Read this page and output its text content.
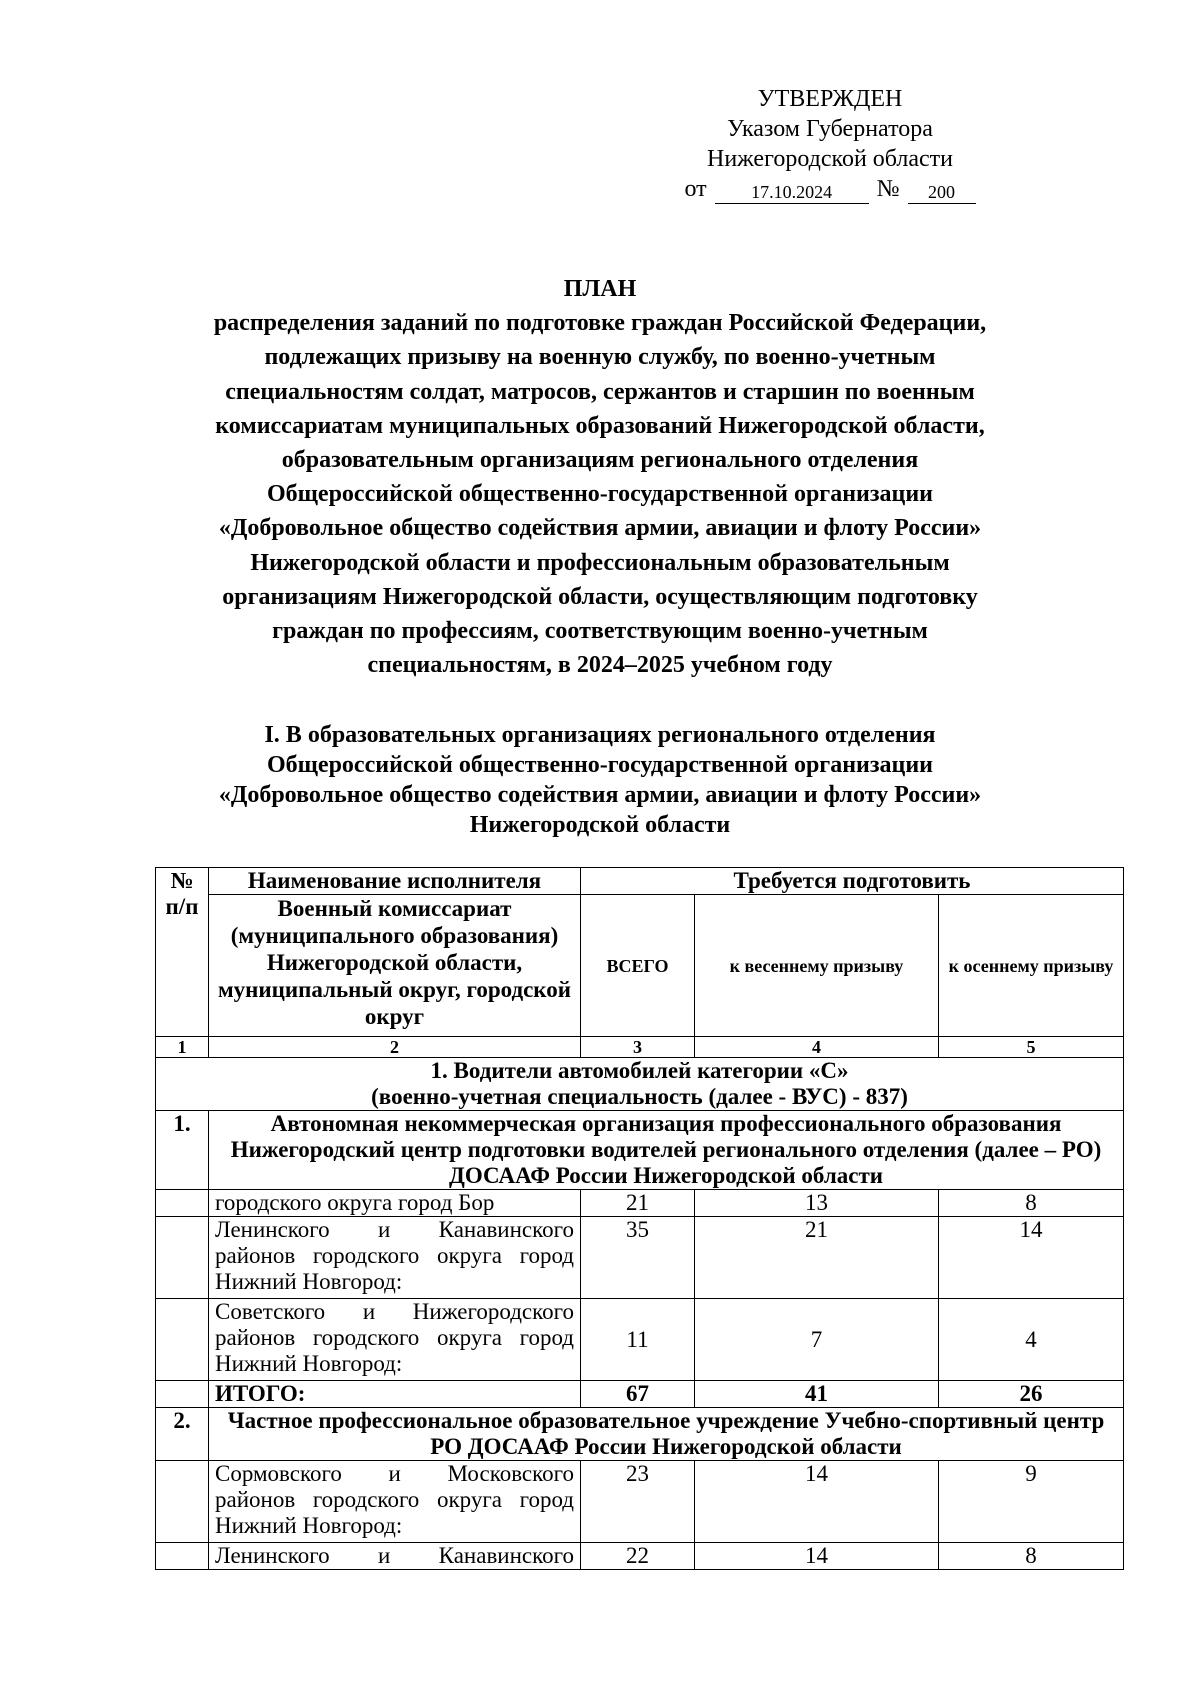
УТВЕРЖДЕН
Указом Губернатора
Нижегородской области
от	17.10.2024	№	200
ПЛАН
распределения заданий по подготовке граждан Российской Федерации,
подлежащих призыву на военную службу, по военно-учетным
специальностям солдат, матросов, сержантов и старшин по военным
комиссариатам муниципальных образований Нижегородской области,
образовательным организациям регионального отделения
Общероссийской общественно-государственной организации
«Добровольное общество содействия армии, авиации и флоту России»
Нижегородской области и профессиональным образовательным
организациям Нижегородской области, осуществляющим подготовку
граждан по профессиям, соответствующим военно-учетным
специальностям, в 2024–2025 учебном году
I. В образовательных организациях регионального отделения
Общероссийской общественно-государственной организации
«Добровольное общество содействия армии, авиации и флоту России»
Нижегородской области
№ п/п	Наименование исполнителя	Требуется подготовить		
	Военный комиссариат (муниципального образования) Нижегородской области, муниципальный округ, городской округ	ВСЕГО	к весеннему призыву	к осеннему призыву
1	2	3	4	5

1. Водители автомобилей категории «С»
(военно-учетная специальность (далее - ВУС) - 837)				

1.	Автономная некоммерческая организация профессионального образования Нижегородский центр подготовки водителей регионального отделения (далее – РО) ДОСААФ России Нижегородской области			
	городского округа город Бор	21	13	8
	Ленинского и Канавинского районов городского округа город Нижний Новгород:	35	21	14
	Советского и Нижегородского районов городского округа город Нижний Новгород:	11	7	4
	ИТОГО:	67	41	26
2.	Частное профессиональное образовательное учреждение Учебно-спортивный центр РО ДОСААФ России Нижегородской области			
	Сормовского и Московского районов городского округа город Нижний Новгород:	23	14	9
	Ленинского и Канавинского	22	14	8
